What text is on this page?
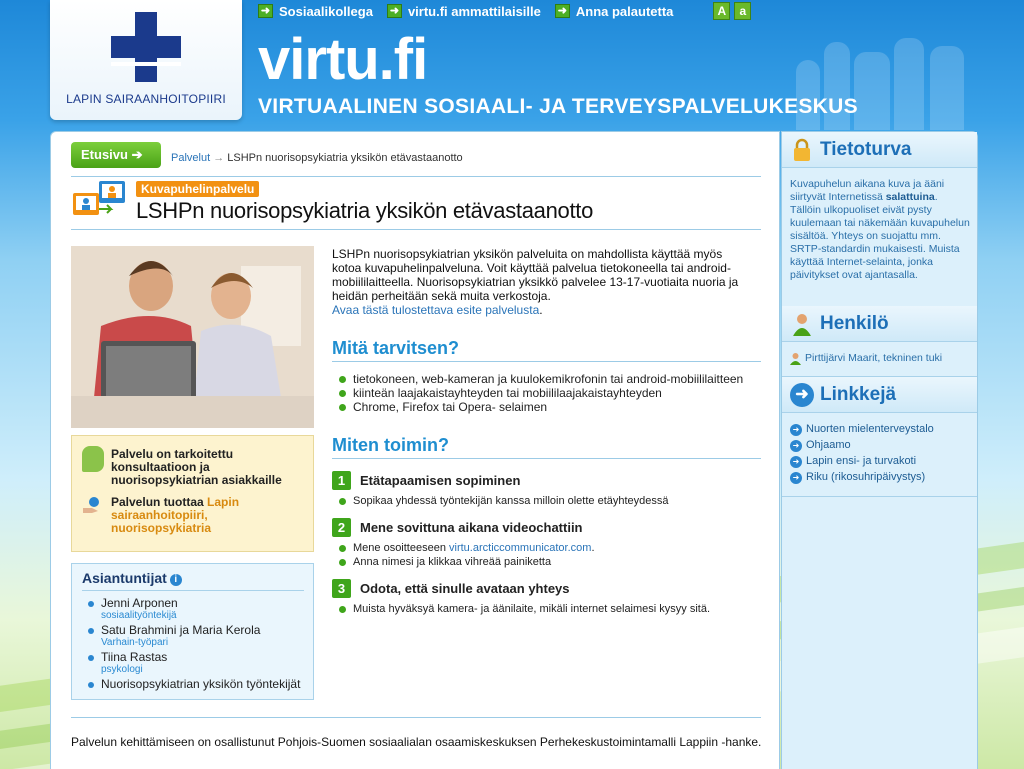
➜ Sosiaalikollega ➜ virtu.fi ammattilaisille ➜ Anna palautetta	A	a
LAPIN SAIRAANHOITOPIIRI
virtu.fi
VIRTUAALINEN SOSIAALI- JA TERVEYSPALVELUKESKUS
Etusivu ➔	Palvelut → LSHPn nuorisopsykiatria yksikön etävastaanotto
Kuvapuhelinpalvelu
LSHPn nuorisopsykiatria yksikön etävastaanotto
LSHPn nuorisopsykiatrian yksikön palveluita on mahdollista käyttää myös kotoa kuvapuhelinpalveluna. Voit käyttää palvelua tietokoneella tai android-mobiililaitteella. Nuorisopsykiatrian yksikkö palvelee 13-17-vuotiaita nuoria ja heidän perheitään sekä muita verkostoja.
Avaa tästä tulostettava esite palvelusta.
Mitä tarvitsen?
tietokoneen, web-kameran ja kuulokemikrofonin tai android-mobiililaitteen
kiinteän laajakaistayhteyden tai mobiililaajakaistayhteyden
Chrome, Firefox tai Opera- selaimen
Miten toimin?
1	Etätapaamisen sopiminen
Sopikaa yhdessä työntekijän kanssa milloin olette etäyhteydessä
2	Mene sovittuna aikana videochattiin
Mene osoitteeseen virtu.arcticcommunicator.com.
Anna nimesi ja klikkaa vihreää painiketta
3	Odota, että sinulle avataan yhteys
Muista hyväksyä kamera- ja äänilaite, mikäli internet selaimesi kysyy sitä.
Palvelu on tarkoitettu konsultaatioon ja nuorisopsykiatrian asiakkaille
Palvelun tuottaa Lapin sairaanhoitopiiri, nuorisopsykiatria
Asiantuntijat i
Jenni Arponen
sosiaalityöntekijä
Satu Brahmini ja Maria Kerola
Varhain-työpari
Tiina Rastas
psykologi
Nuorisopsykiatrian yksikön työntekijät
Palvelun kehittämiseen on osallistunut Pohjois-Suomen sosiaalialan osaamiskeskuksen Perhekeskustoimintamalli Lappiin -hanke.
Tietoturva
Kuvapuhelun aikana kuva ja ääni siirtyvät Internetissä salattuina. Tällöin ulkopuoliset eivät pysty kuulemaan tai näkemään kuvapuhelun sisältöä. Yhteys on suojattu mm. SRTP-standardin mukaisesti. Muista käyttää Internet-selainta, jonka päivitykset ovat ajantasalla.
Henkilö
Pirttijärvi Maarit, tekninen tuki
➜ Linkkejä
➜ Nuorten mielenterveystalo
➜ Ohjaamo
➜ Lapin ensi- ja turvakoti
➜ Riku (rikosuhripäivystys)
